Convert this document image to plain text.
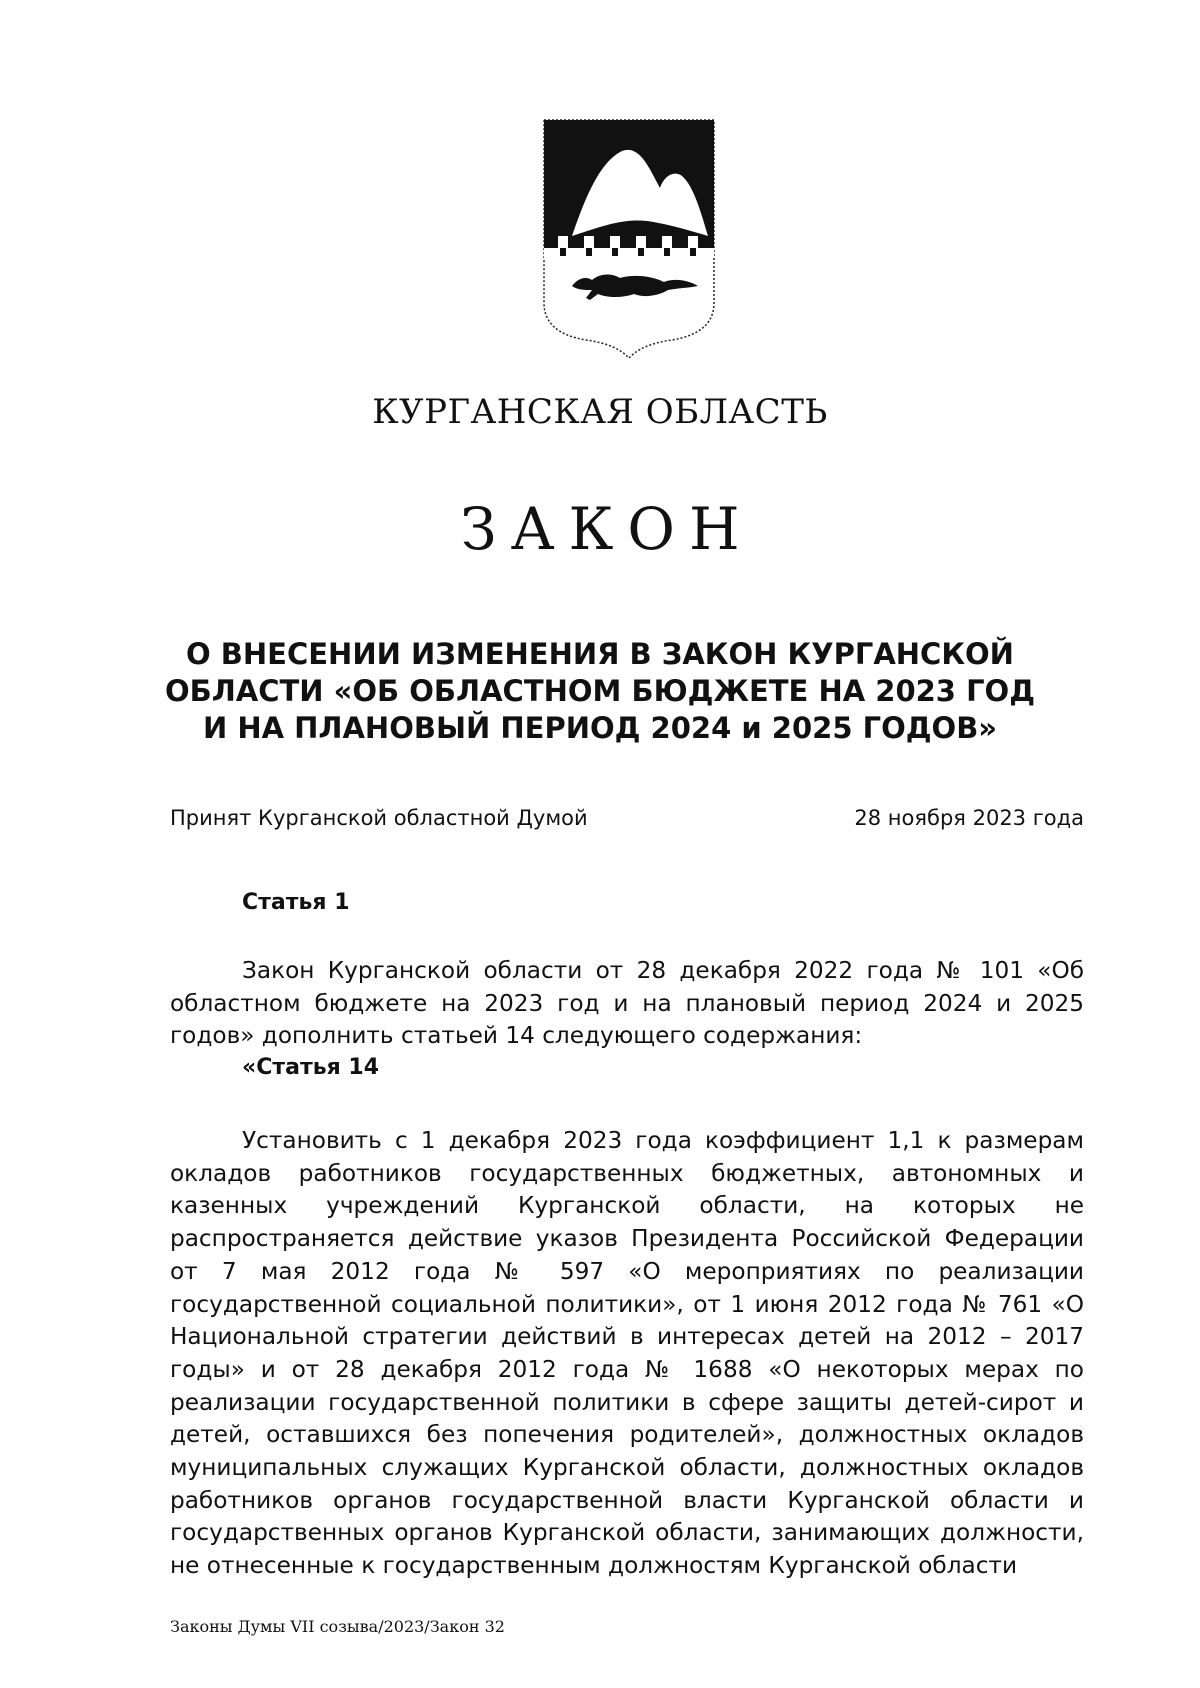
КУРГАНСКАЯ ОБЛАСТЬ
ЗАКОН
О ВНЕСЕНИИ ИЗМЕНЕНИЯ В ЗАКОН КУРГАНСКОЙ
ОБЛАСТИ «ОБ ОБЛАСТНОМ БЮДЖЕТЕ НА 2023 ГОД
И НА ПЛАНОВЫЙ ПЕРИОД 2024 и 2025 ГОДОВ»
Принят Курганской областной Думой	28 ноября 2023 года
Статья 1

Закон Курганской области от 28 декабря 2022 года № 101 «Об областном бюджете на 2023 год и на плановый период 2024 и 2025 годов» дополнить статьей 14 следующего содержания:

«Статья 14

Установить с 1 декабря 2023 года коэффициент 1,1 к размерам окладов работников государственных бюджетных, автономных и казенных учреждений Курганской области, на которых не распространяется действие указов Президента Российской Федерации от 7 мая 2012 года № 597 «О мероприятиях по реализации государственной социальной политики», от 1 июня 2012 года № 761 «О Национальной стратегии действий в интересах детей на 2012 – 2017 годы» и от 28 декабря 2012 года № 1688 «О некоторых мерах по реализации государственной политики в сфере защиты детей-сирот и детей, оставшихся без попечения родителей», должностных окладов муниципальных служащих Курганской области, должностных окладов работников органов государственной власти Курганской области и государственных органов Курганской области, занимающих должности, не отнесенные к государственным должностям Курганской области

Законы Думы VII созыва/2023/Закон 32
